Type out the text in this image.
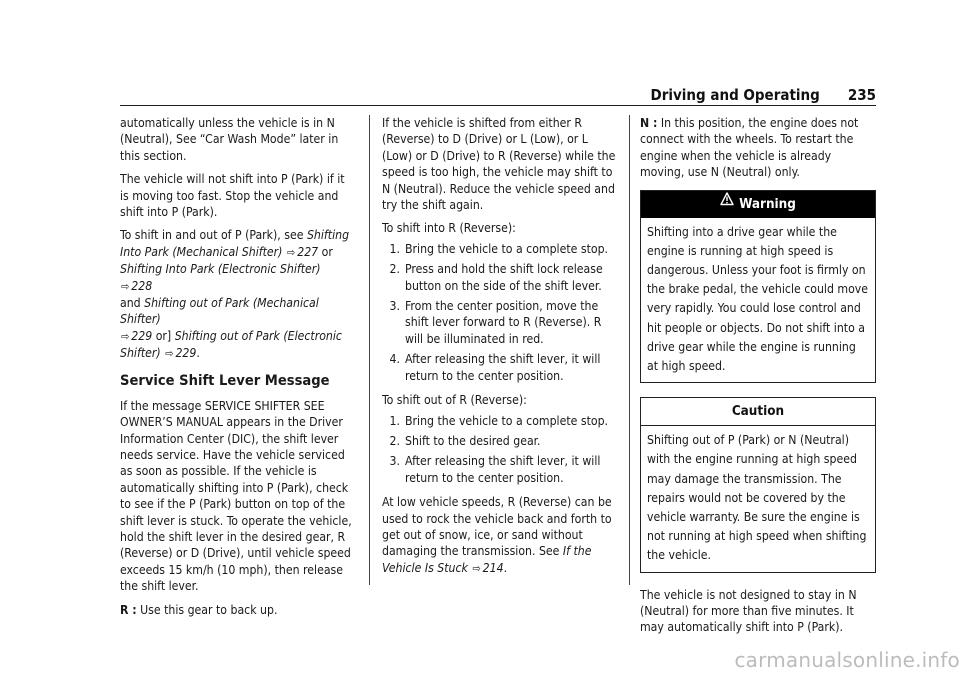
Driving and Operating 235

automatically unless the vehicle is in N (Neutral), See “Car Wash Mode” later in this section.

The vehicle will not shift into P (Park) if it is moving too fast. Stop the vehicle and shift into P (Park).

To shift in and out of P (Park), see Shifting Into Park (Mechanical Shifter) ⇨ 227 or Shifting Into Park (Electronic Shifter) ⇨ 228
and Shifting out of Park (Mechanical Shifter)
⇨ 229 or] Shifting out of Park (Electronic Shifter) ⇨ 229.

Service Shift Lever Message

If the message SERVICE SHIFTER SEE OWNER’S MANUAL appears in the Driver Information Center (DIC), the shift lever needs service. Have the vehicle serviced as soon as possible. If the vehicle is automatically shifting into P (Park), check to see if the P (Park) button on top of the shift lever is stuck. To operate the vehicle, hold the shift lever in the desired gear, R (Reverse) or D (Drive), until vehicle speed exceeds 15 km/h (10 mph), then release the shift lever.

R : Use this gear to back up.

If the vehicle is shifted from either R (Reverse) to D (Drive) or L (Low), or L (Low) or D (Drive) to R (Reverse) while the speed is too high, the vehicle may shift to N (Neutral). Reduce the vehicle speed and try the shift again.

To shift into R (Reverse):

1. Bring the vehicle to a complete stop.
2. Press and hold the shift lock release button on the side of the shift lever.
3. From the center position, move the shift lever forward to R (Reverse). R will be illuminated in red.
4. After releasing the shift lever, it will return to the center position.

To shift out of R (Reverse):

1. Bring the vehicle to a complete stop.
2. Shift to the desired gear.
3. After releasing the shift lever, it will return to the center position.

At low vehicle speeds, R (Reverse) can be used to rock the vehicle back and forth to get out of snow, ice, or sand without damaging the transmission. See If the Vehicle Is Stuck ⇨ 214.

N : In this position, the engine does not connect with the wheels. To restart the engine when the vehicle is already moving, use N (Neutral) only.

Warning
Shifting into a drive gear while the engine is running at high speed is dangerous. Unless your foot is firmly on the brake pedal, the vehicle could move very rapidly. You could lose control and hit people or objects. Do not shift into a drive gear while the engine is running at high speed.
Caution
Shifting out of P (Park) or N (Neutral) with the engine running at high speed may damage the transmission. The repairs would not be covered by the vehicle warranty. Be sure the engine is not running at high speed when shifting the vehicle.

The vehicle is not designed to stay in N (Neutral) for more than five minutes. It may automatically shift into P (Park).

carmanualsonline.info
